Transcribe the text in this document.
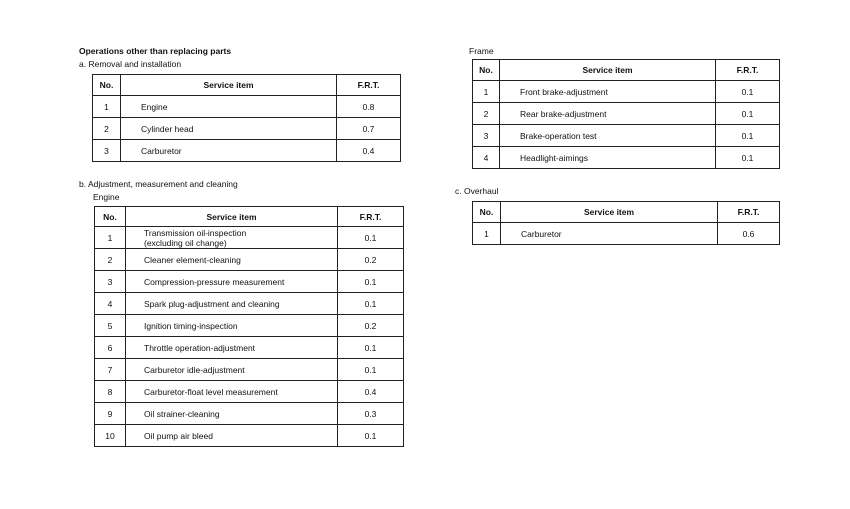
Operations other than replacing parts
a. Removal and installation
No.	Service item	F.R.T.
1	Engine	0.8
2	Cylinder head	0.7
3	Carburetor	0.4
b. Adjustment, measurement and cleaning
Engine
No.	Service item	F.R.T.
1	Transmission oil-inspection
(excluding oil change)	0.1
2	Cleaner element-cleaning	0.2
3	Compression-pressure measurement	0.1
4	Spark plug-adjustment and cleaning	0.1
5	Ignition timing-inspection	0.2
6	Throttle operation-adjustment	0.1
7	Carburetor idle-adjustment	0.1
8	Carburetor-float level measurement	0.4
9	Oil strainer-cleaning	0.3
10	Oil pump air bleed	0.1
Frame
No.	Service item	F.R.T.
1	Front brake-adjustment	0.1
2	Rear brake-adjustment	0.1
3	Brake-operation test	0.1
4	Headlight-aimings	0.1
c. Overhaul
No.	Service item	F.R.T.
1	Carburetor	0.6
